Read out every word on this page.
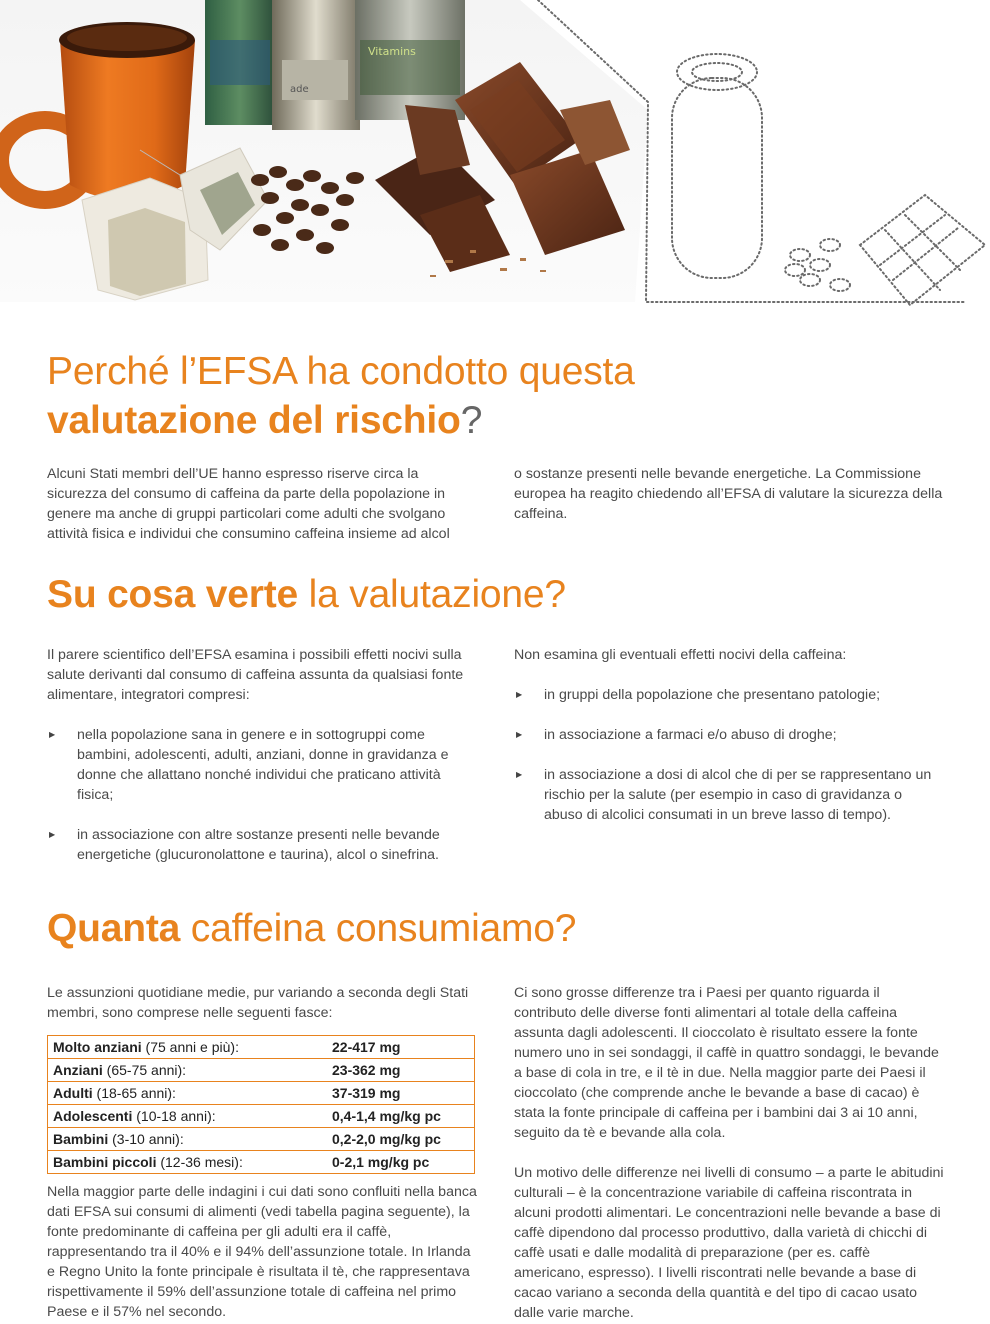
ade
Vitamins
Perché l’EFSA ha condotto questa
valutazione del rischio?

Alcuni Stati membri dell’UE hanno espresso riserve circa la sicurezza del consumo di caffeina da parte della popolazione in genere ma anche di gruppi particolari come adulti che svolgano attività fisica e individui che consumino caffeina insieme ad alcol

o sostanze presenti nelle bevande energetiche. La Commissione europea ha reagito chiedendo all’EFSA di valutare la sicurezza della caffeina.

Su cosa verte la valutazione?

Il parere scientifico dell’EFSA esamina i possibili effetti nocivi sulla salute derivanti dal consumo di caffeina assunta da qualsiasi fonte alimentare, integratori compresi:

▶ nella popolazione sana in genere e in sottogruppi come bambini, adolescenti, adulti, anziani, donne in gravidanza e donne che allattano nonché individui che praticano attività fisica;
▶ in associazione con altre sostanze presenti nelle bevande energetiche (glucuronolattone e taurina), alcol o sinefrina.

Non esamina gli eventuali effetti nocivi della caffeina:

▶ in gruppi della popolazione che presentano patologie;
▶ in associazione a farmaci e/o abuso di droghe;
▶ in associazione a dosi di alcol che di per se rappresentano un rischio per la salute (per esempio in caso di gravidanza o abuso di alcolici consumati in un breve lasso di tempo).
Quanta caffeina consumiamo?

Le assunzioni quotidiane medie, pur variando a seconda degli Stati membri, sono comprese nelle seguenti fasce:

Molto anziani (75 anni e più):	22-417 mg
Anziani (65-75 anni):	23-362 mg
Adulti (18-65 anni):	37-319 mg
Adolescenti (10-18 anni):	0,4-1,4 mg/kg pc
Bambini (3-10 anni):	0,2-2,0 mg/kg pc
Bambini piccoli (12-36 mesi):	0-2,1 mg/kg pc

Nella maggior parte delle indagini i cui dati sono confluiti nella banca dati EFSA sui consumi di alimenti (vedi tabella pagina seguente), la fonte predominante di caffeina per gli adulti era il caffè, rappresentando tra il 40% e il 94% dell’assunzione totale. In Irlanda e Regno Unito la fonte principale è risultata il tè, che rappresentava rispettivamente il 59% dell’assunzione totale di caffeina nel primo Paese e il 57% nel secondo.

Ci sono grosse differenze tra i Paesi per quanto riguarda il contributo delle diverse fonti alimentari al totale della caffeina assunta dagli adolescenti. Il cioccolato è risultato essere la fonte numero uno in sei sondaggi, il caffè in quattro sondaggi, le bevande a base di cola in tre, e il tè in due. Nella maggior parte dei Paesi il cioccolato (che comprende anche le bevande a base di cacao) è stata la fonte principale di caffeina per i bambini dai 3 ai 10 anni, seguito da tè e bevande alla cola.

Un motivo delle differenze nei livelli di consumo – a parte le abitudini culturali – è la concentrazione variabile di caffeina riscontrata in alcuni prodotti alimentari. Le concentrazioni nelle bevande a base di caffè dipendono dal processo produttivo, dalla varietà di chicchi di caffè usati e dalle modalità di preparazione (per es. caffè americano, espresso). I livelli riscontrati nelle bevande a base di cacao variano a seconda della quantità e del tipo di cacao usato dalle varie marche.
